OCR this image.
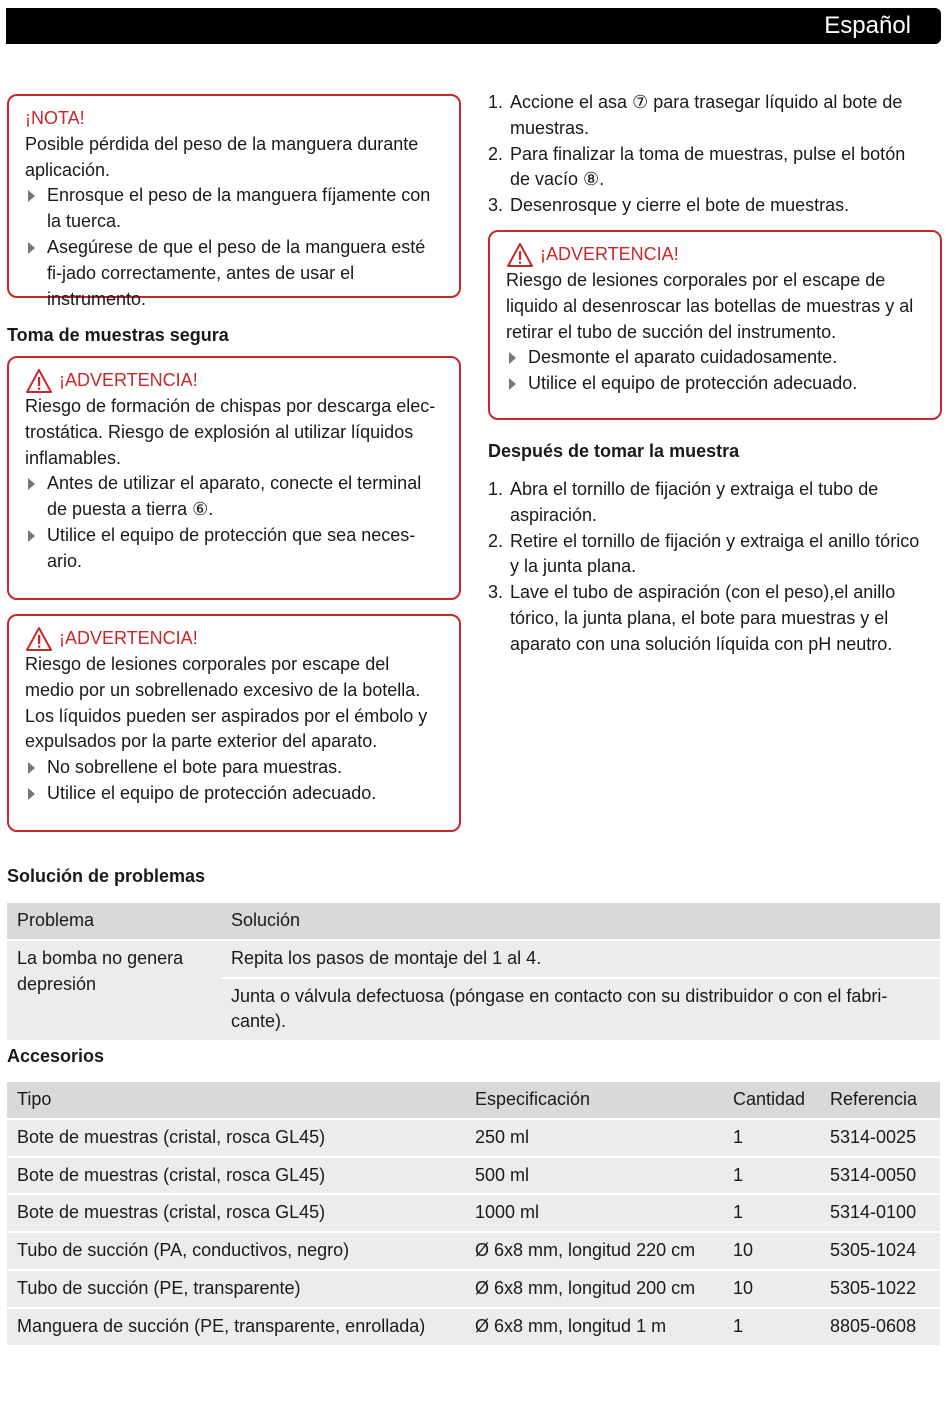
Español
¡NOTA!
Posible pérdida del peso de la manguera durante aplicación.
Enrosque el peso de la manguera fíjamente con la tuerca.
Asegúrese de que el peso de la manguera esté fi-jado correctamente, antes de usar el instrumento.
Toma de muestras segura
¡ADVERTENCIA!
Riesgo de formación de chispas por descarga elec-trostática. Riesgo de explosión al utilizar líquidos inflamables.
Antes de utilizar el aparato, conecte el terminal de puesta a tierra ⑥.
Utilice el equipo de protección que sea neces-ario.
¡ADVERTENCIA!
Riesgo de lesiones corporales por escape del medio por un sobrellenado excesivo de la botella. Los líquidos pueden ser aspirados por el émbolo y expulsados por la parte exterior del aparato.
No sobrellene el bote para muestras.
Utilice el equipo de protección adecuado.
1. Accione el asa ⑦ para trasegar líquido al bote de muestras.
2. Para finalizar la toma de muestras, pulse el botón de vacío ⑧.
3. Desenrosque y cierre el bote de muestras.
¡ADVERTENCIA!
Riesgo de lesiones corporales por el escape de liquido al desenroscar las botellas de muestras y al retirar el tubo de succión del instrumento.
Desmonte el aparato cuidadosamente.
Utilice el equipo de protección adecuado.
Después de tomar la muestra
1. Abra el tornillo de fijación y extraiga el tubo de aspiración.
2. Retire el tornillo de fijación y extraiga el anillo tórico y la junta plana.
3. Lave el tubo de aspiración (con el peso),el anillo tórico, la junta plana, el bote para muestras y el aparato con una solución líquida con pH neutro.
Solución de problemas
Problema	Solución
La bomba no genera depresión	Repita los pasos de montaje del 1 al 4.
	Junta o válvula defectuosa (póngase en contacto con su distribuidor o con el fabri-cante).
Accesorios
Tipo	Especificación	Cantidad	Referencia
Bote de muestras (cristal, rosca GL45)	250 ml	1	5314-0025
Bote de muestras (cristal, rosca GL45)	500 ml	1	5314-0050
Bote de muestras (cristal, rosca GL45)	1000 ml	1	5314-0100
Tubo de succión (PA, conductivos, negro)	Ø 6x8 mm, longitud 220 cm	10	5305-1024
Tubo de succión (PE, transparente)	Ø 6x8 mm, longitud 200 cm	10	5305-1022
Manguera de succión (PE, transparente, enrollada)	Ø 6x8 mm, longitud 1 m	1	8805-0608
